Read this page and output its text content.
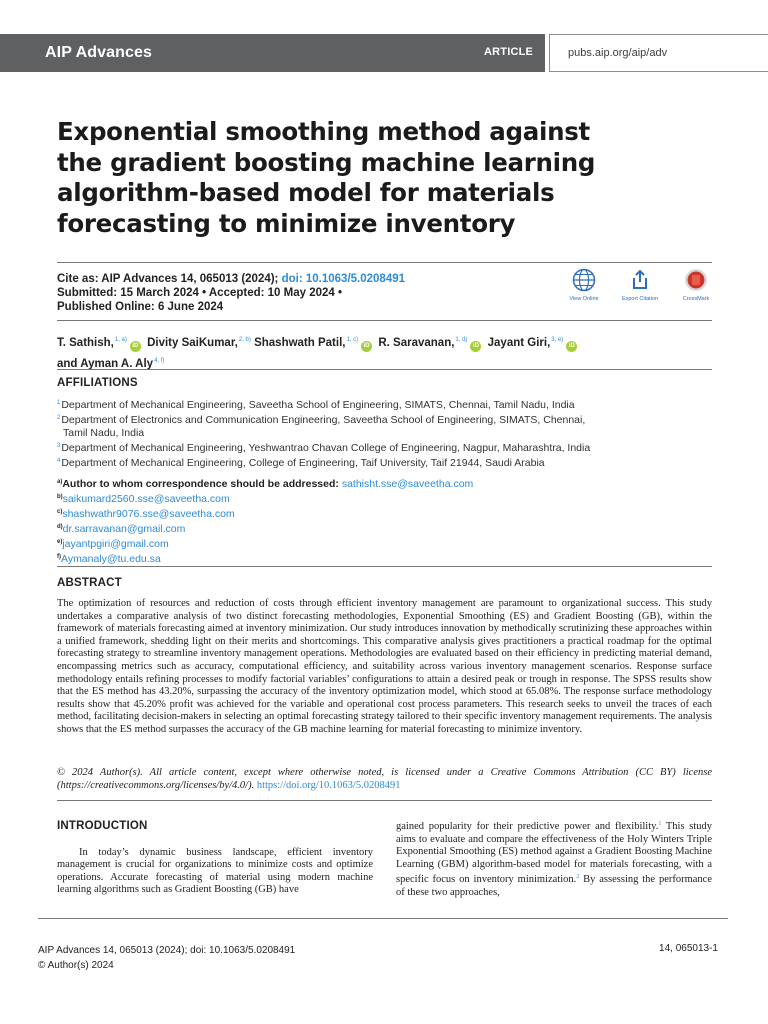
AIP Advances	ARTICLE	pubs.aip.org/aip/adv
Exponential smoothing method against the gradient boosting machine learning algorithm-based model for materials forecasting to minimize inventory
Cite as: AIP Advances 14, 065013 (2024); doi: 10.1063/5.0208491
Submitted: 15 March 2024 • Accepted: 10 May 2024 •
Published Online: 6 June 2024
View Online	Export Citation	CrossMark
T. Sathish,$^{1, a)}$iD Divity SaiKumar,$^{2, b)}$ Shashwath Patil,$^{1, c)}$iD R. Saravanan,$^{1, d)}$iD Jayant Giri,$^{3, e)}$iD
and Ayman A. Aly$^{4, f)}$
AFFILIATIONS
$^1$Department of Mechanical Engineering, Saveetha School of Engineering, SIMATS, Chennai, Tamil Nadu, India
$^2$Department of Electronics and Communication Engineering, Saveetha School of Engineering, SIMATS, Chennai,
Tamil Nadu, India
$^3$Department of Mechanical Engineering, Yeshwantrao Chavan College of Engineering, Nagpur, Maharashtra, India
$^4$Department of Mechanical Engineering, College of Engineering, Taif University, Taif 21944, Saudi Arabia
$^{a)}$Author to whom correspondence should be addressed: sathisht.sse@saveetha.com
$^{b)}$saikumard2560.sse@saveetha.com
$^{c)}$shashwathr9076.sse@saveetha.com
$^{d)}$dr.sarravanan@gmail.com
$^{e)}$jayantpgiri@gmail.com
$^{f)}$Aymanaly@tu.edu.sa
ABSTRACT

The optimization of resources and reduction of costs through efficient inventory management are paramount to organizational success. This study undertakes a comparative analysis of two distinct forecasting methodologies, Exponential Smoothing (ES) and Gradient Boosting (GB), within the framework of materials forecasting aimed at inventory minimization. Our study introduces innovation by methodically scrutinizing these approaches within a unified framework, shedding light on their merits and shortcomings. This comparative analysis gives practitioners a practical roadmap for the optimal forecasting strategy to streamline inventory management operations. Methodologies are evaluated based on their efficiency in predicting material demand, encompassing metrics such as accuracy, computational efficiency, and suitability across various inventory management scenarios. Response surface methodology entails refining processes to modify factorial variables’ configurations to attain a desired peak or trough in response. The SPSS results show that the ES method has 43.20%, surpassing the accuracy of the inventory optimization model, which stood at 65.08%. The response surface methodology results show that 45.20% profit was achieved for the variable and operational cost process parameters. This research seeks to unveil the traces of each method, facilitating decision-makers in selecting an optimal forecasting strategy tailored to their specific inventory management requirements. The analysis shows that the ES method surpasses the accuracy of the GB machine learning for material forecasting to minimize inventory.

© 2024 Author(s). All article content, except where otherwise noted, is licensed under a Creative Commons Attribution (CC BY) license (https://creativecommons.org/licenses/by/4.0/). https://doi.org/10.1063/5.0208491

INTRODUCTION

In today’s dynamic business landscape, efficient inventory management is crucial for organizations to minimize costs and optimize operations. Accurate forecasting of material using modern machine learning algorithms such as Gradient Boosting (GB) have

gained popularity for their predictive power and flexibility.$^1$ This study aims to evaluate and compare the effectiveness of the Holy Winters Triple Exponential Smoothing (ES) method against a Gradient Boosting Machine Learning (GBM) algorithm-based model for materials forecasting, with a specific focus on inventory minimization.$^2$ By assessing the performance of these two approaches,

AIP Advances 14, 065013 (2024); doi: 10.1063/5.0208491
© Author(s) 2024
14, 065013-1
